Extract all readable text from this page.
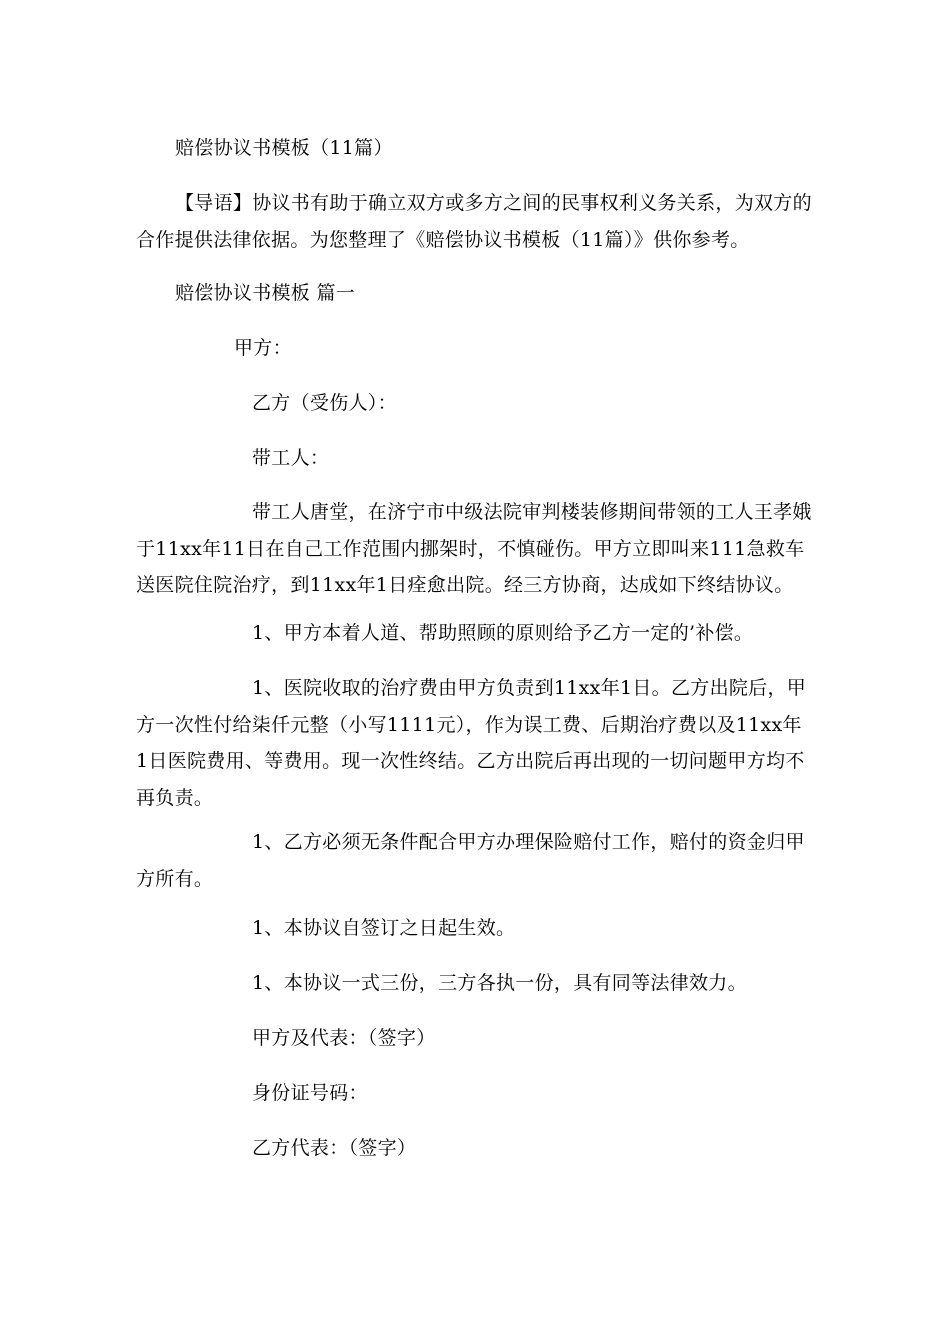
赔偿协议书模板（11篇）

【导语】协议书有助于确立双方或多方之间的民事权利义务关系，为双方的
合作提供法律依据。为您整理了《赔偿协议书模板（11篇）》供你参考。

赔偿协议书模板 篇一

甲方：

乙方（受伤人）：

带工人：

带工人唐堂，在济宁市中级法院审判楼装修期间带领的工人王孝娥
于11xx年11日在自己工作范围内挪架时，不慎碰伤。甲方立即叫来111急救车
送医院住院治疗，到11xx年1日痊愈出院。经三方协商，达成如下终结协议。

1、甲方本着人道、帮助照顾的原则给予乙方一定的’补偿。

1、医院收取的治疗费由甲方负责到11xx年1日。乙方出院后，甲
方一次性付给柒仟元整（小写1111元），作为误工费、后期治疗费以及11xx年
1日医院费用、等费用。现一次性终结。乙方出院后再出现的一切问题甲方均不
再负责。
1、乙方必须无条件配合甲方办理保险赔付工作，赔付的资金归甲
方所有。

1、本协议自签订之日起生效。

1、本协议一式三份，三方各执一份，具有同等法律效力。

甲方及代表：（签字）

身份证号码：

乙方代表：（签字）
